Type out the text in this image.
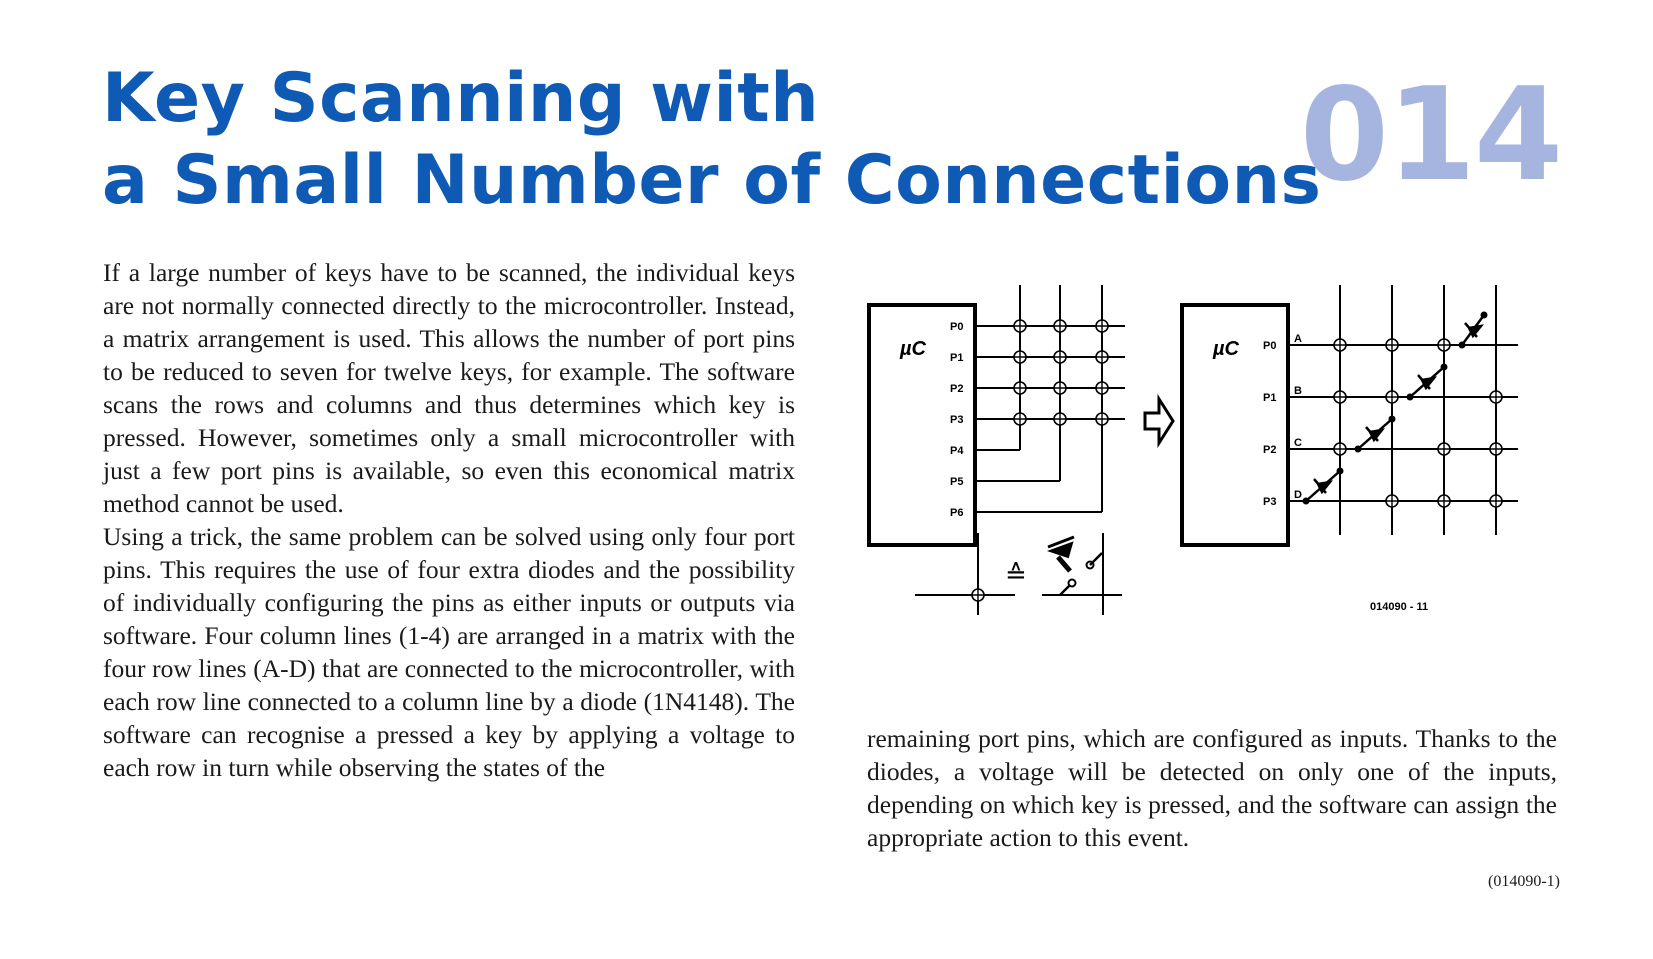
Key Scanning with
a Small Number of Connections
014

If a large number of keys have to be scanned, the individual keys are not normally connected directly to the microcontroller. Instead, a matrix arrangement is used. This allows the number of port pins to be reduced to seven for twelve keys, for example. The software scans the rows and columns and thus determines which key is pressed. However, sometimes only a small microcontroller with just a few port pins is available, so even this economical matrix method cannot be used.

Using a trick, the same problem can be solved using only four port pins. This requires the use of four extra diodes and the possibility of individually configuring the pins as either inputs or outputs via software. Four column lines (1-4) are arranged in a matrix with the four row lines (A-D) that are connected to the microcontroller, with each row line connected to a column line by a diode (1N4148). The software can recognise a pressed a key by applying a voltage to each row in turn while observing the states of the

remaining port pins, which are configured as inputs. Thanks to the diodes, a voltage will be detected on only one of the inputs, depending on which key is pressed, and the software can assign the appropriate action to this event.

(014090-1)
µC
P0
P1
P2
P3
P4
P5
P6
µC P0
P1
P2
P3
A
B
C
D
≙
014090 - 11
